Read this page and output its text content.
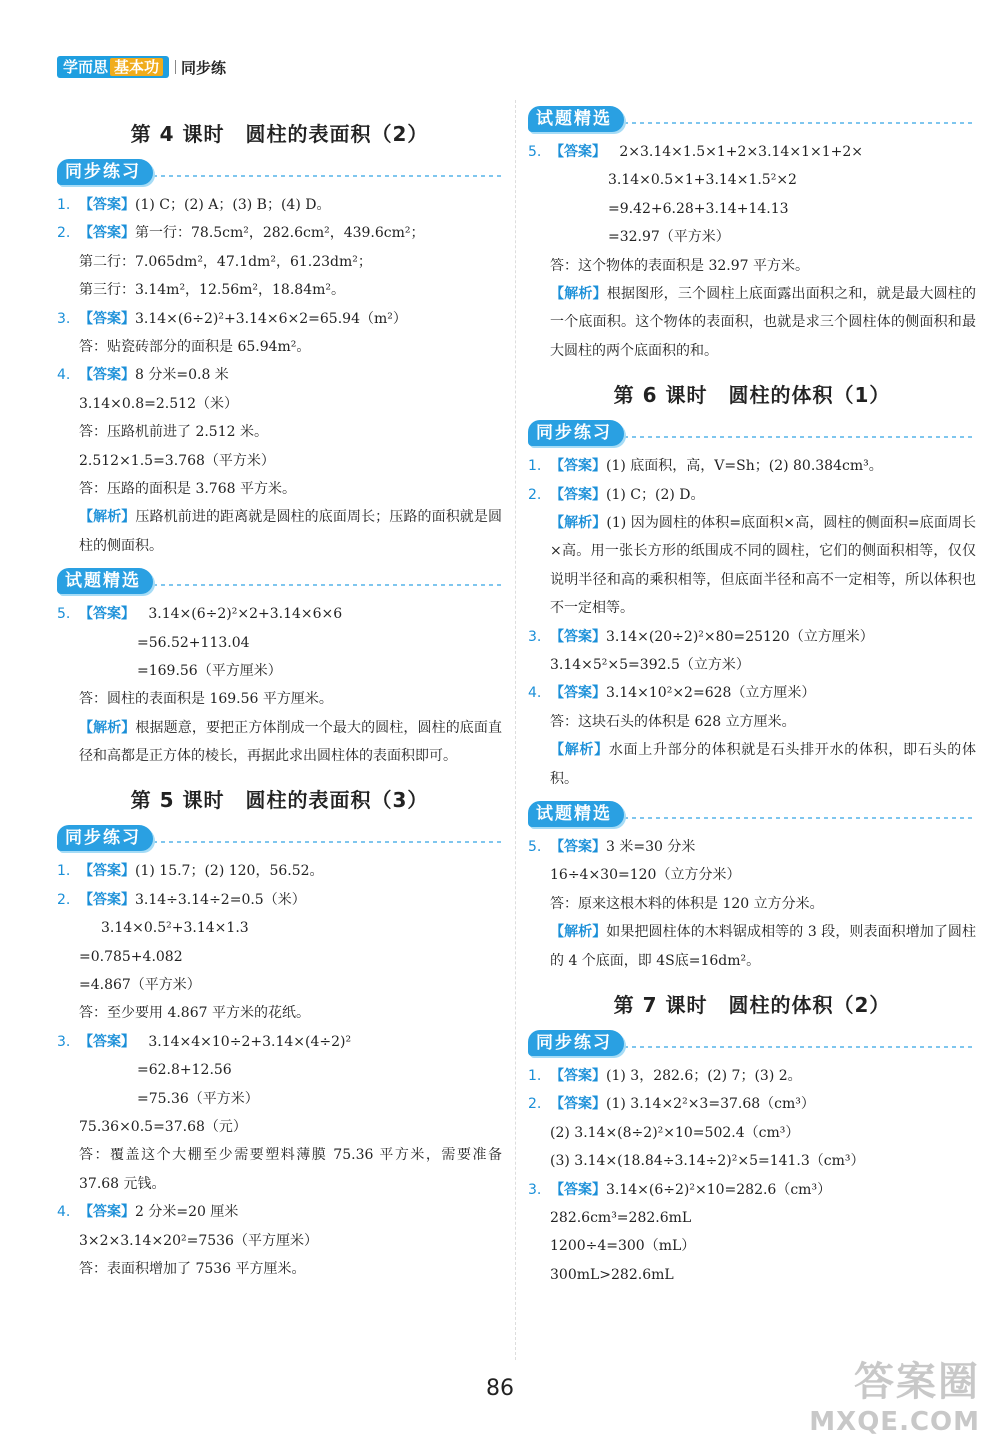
学而思 基本功	同步练
第 4 课时　圆柱的表面积（2）
同步练习
1. 【答案】(1) C；(2) A；(3) B；(4) D。
2. 【答案】第一行：78.5cm²，282.6cm²，439.6cm²；
第二行：7.065dm²，47.1dm²，61.23dm²；
第三行：3.14m²，12.56m²，18.84m²。
3. 【答案】3.14×(6÷2)²+3.14×6×2=65.94（m²）
答：贴瓷砖部分的面积是 65.94m²。
4. 【答案】8 分米=0.8 米
3.14×0.8=2.512（米）
答：压路机前进了 2.512 米。
2.512×1.5=3.768（平方米）
答：压路的面积是 3.768 平方米。
【解析】压路机前进的距离就是圆柱的底面周长；压路的面积就是圆柱的侧面积。
试题精选
5. 【答案】 3.14×(6÷2)²×2+3.14×6×6
=56.52+113.04
=169.56（平方厘米）
答：圆柱的表面积是 169.56 平方厘米。
【解析】根据题意，要把正方体削成一个最大的圆柱，圆柱的底面直径和高都是正方体的棱长，再据此求出圆柱体的表面积即可。
第 5 课时　圆柱的表面积（3）
同步练习
1. 【答案】(1) 15.7；(2) 120，56.52。
2. 【答案】3.14÷3.14÷2=0.5（米）
3.14×0.5²+3.14×1.3
=0.785+4.082
=4.867（平方米）
答：至少要用 4.867 平方米的花纸。
3. 【答案】 3.14×4×10÷2+3.14×(4÷2)²
=62.8+12.56
=75.36（平方米）
75.36×0.5=37.68（元）
答：覆盖这个大棚至少需要塑料薄膜 75.36 平方米，需要准备 37.68 元钱。
4. 【答案】2 分米=20 厘米
3×2×3.14×20²=7536（平方厘米）
答：表面积增加了 7536 平方厘米。
试题精选
5. 【答案】 2×3.14×1.5×1+2×3.14×1×1+2×
3.14×0.5×1+3.14×1.5²×2
=9.42+6.28+3.14+14.13
=32.97（平方米）
答：这个物体的表面积是 32.97 平方米。
【解析】根据图形，三个圆柱上底面露出面积之和，就是最大圆柱的一个底面积。这个物体的表面积，也就是求三个圆柱体的侧面积和最大圆柱的两个底面积的和。
第 6 课时　圆柱的体积（1）
同步练习
1. 【答案】(1) 底面积，高，V=Sh；(2) 80.384cm³。
2. 【答案】(1) C；(2) D。
【解析】(1) 因为圆柱的体积=底面积×高，圆柱的侧面积=底面周长×高。用一张长方形的纸围成不同的圆柱，它们的侧面积相等，仅仅说明半径和高的乘积相等，但底面半径和高不一定相等，所以体积也不一定相等。
3. 【答案】3.14×(20÷2)²×80=25120（立方厘米）
3.14×5²×5=392.5（立方米）
4. 【答案】3.14×10²×2=628（立方厘米）
答：这块石头的体积是 628 立方厘米。
【解析】水面上升部分的体积就是石头排开水的体积，即石头的体积。
试题精选
5. 【答案】3 米=30 分米
16÷4×30=120（立方分米）
答：原来这根木料的体积是 120 立方分米。
【解析】如果把圆柱体的木料锯成相等的 3 段，则表面积增加了圆柱的 4 个底面，即 4S底=16dm²。
第 7 课时　圆柱的体积（2）
同步练习
1. 【答案】(1) 3，282.6；(2) 7；(3) 2。
2. 【答案】(1) 3.14×2²×3=37.68（cm³）
(2) 3.14×(8÷2)²×10=502.4（cm³）
(3) 3.14×(18.84÷3.14÷2)²×5=141.3（cm³）
3. 【答案】3.14×(6÷2)²×10=282.6（cm³）
282.6cm³=282.6mL
1200÷4=300（mL）
300mL>282.6mL
86	答案圈
MXQE.COM
